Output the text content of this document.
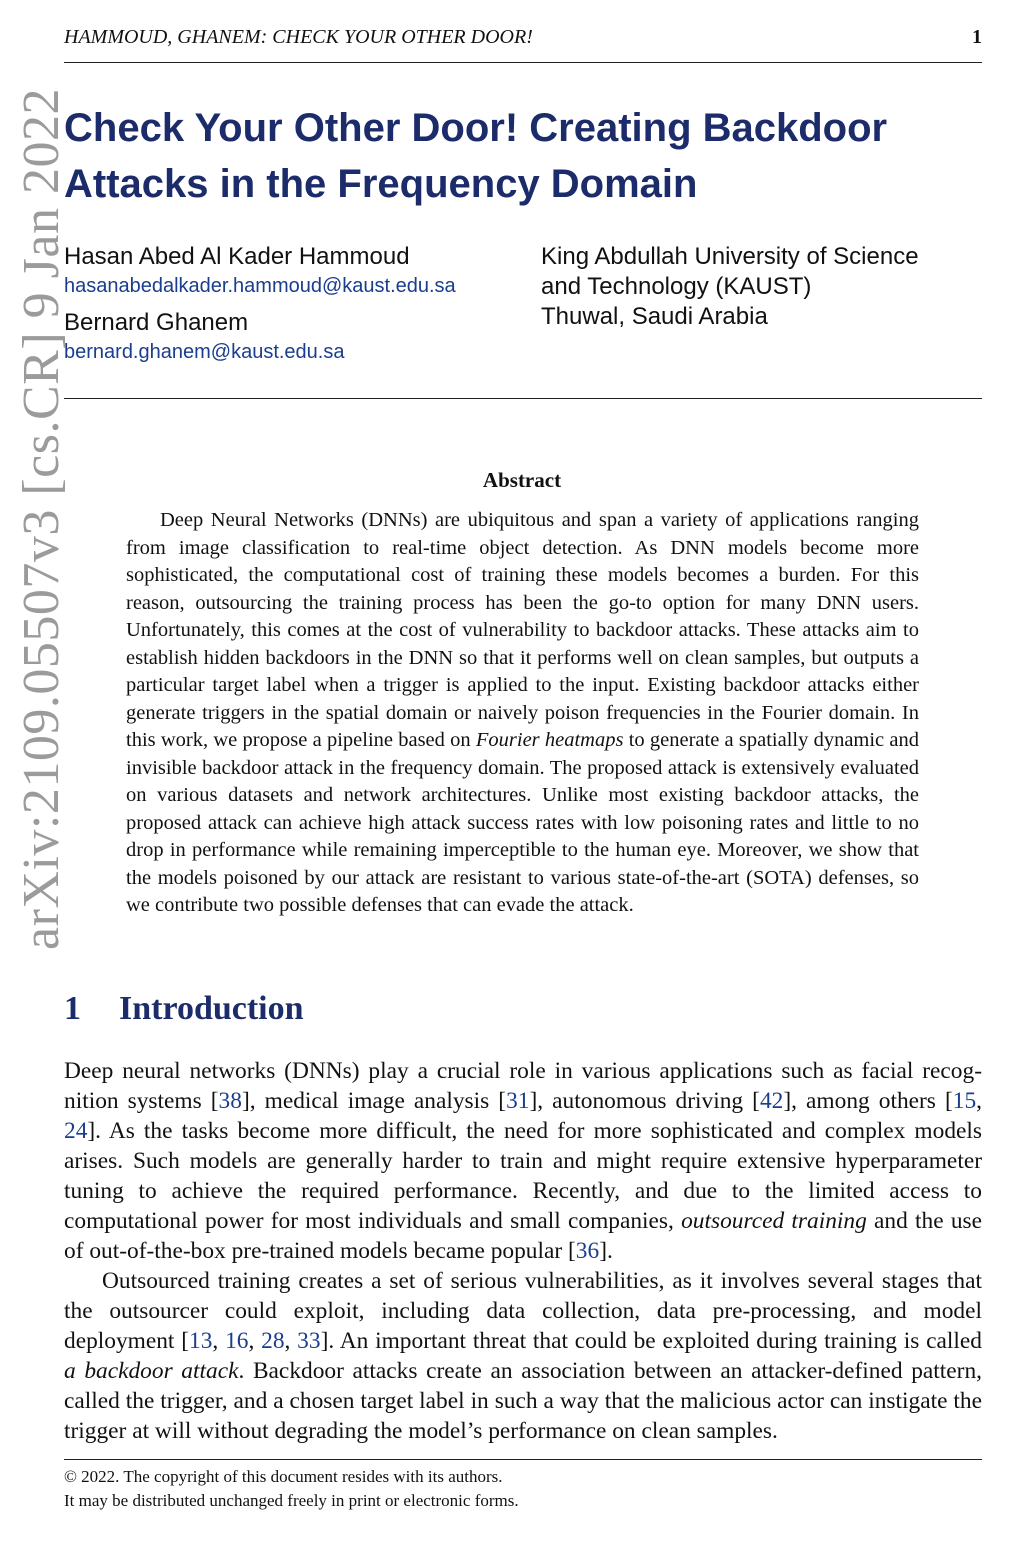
HAMMOUD, GHANEM: CHECK YOUR OTHER DOOR!	1
arXiv:2109.05507v3 [cs.CR] 9 Jan 2022
Check Your Other Door! Creating Backdoor
Attacks in the Frequency Domain
Hasan Abed Al Kader Hammoud
hasanabedalkader.hammoud@kaust.edu.sa
Bernard Ghanem
bernard.ghanem@kaust.edu.sa
King Abdullah University of Science
and Technology (KAUST)
Thuwal, Saudi Arabia
Abstract

Deep Neural Networks (DNNs) are ubiquitous and span a variety of applications ranging from image classification to real-time object detection. As DNN models become more sophisticated, the computational cost of training these models becomes a burden. For this reason, outsourcing the training process has been the go-to option for many DNN users. Unfortunately, this comes at the cost of vulnerability to backdoor attacks. These attacks aim to establish hidden backdoors in the DNN so that it performs well on clean samples, but outputs a particular target label when a trigger is applied to the input. Existing backdoor attacks either generate triggers in the spatial domain or naively poison frequencies in the Fourier domain. In this work, we propose a pipeline based on Fourier heatmaps to generate a spatially dynamic and invisible backdoor attack in the frequency domain. The proposed attack is extensively evaluated on various datasets and network architectures. Unlike most existing backdoor attacks, the proposed attack can achieve high attack success rates with low poisoning rates and little to no drop in performance while remaining imperceptible to the human eye. Moreover, we show that the models poisoned by our attack are resistant to various state-of-the-art (SOTA) defenses, so we contribute two possible defenses that can evade the attack.

1 Introduction

Deep neural networks (DNNs) play a crucial role in various applications such as facial recognition systems [38], medical image analysis [31], autonomous driving [42], among others [15, 24]. As the tasks become more difficult, the need for more sophisticated and complex models arises. Such models are generally harder to train and might require extensive hyperparameter tuning to achieve the required performance. Recently, and due to the limited access to computational power for most individuals and small companies, outsourced training and the use of out-of-the-box pre-trained models became popular [36].

Outsourced training creates a set of serious vulnerabilities, as it involves several stages that the outsourcer could exploit, including data collection, data pre-processing, and model deployment [13, 16, 28, 33]. An important threat that could be exploited during training is called a backdoor attack. Backdoor attacks create an association between an attacker-defined pattern, called the trigger, and a chosen target label in such a way that the malicious actor can instigate the trigger at will without degrading the model’s performance on clean samples.

© 2022. The copyright of this document resides with its authors.
It may be distributed unchanged freely in print or electronic forms.
